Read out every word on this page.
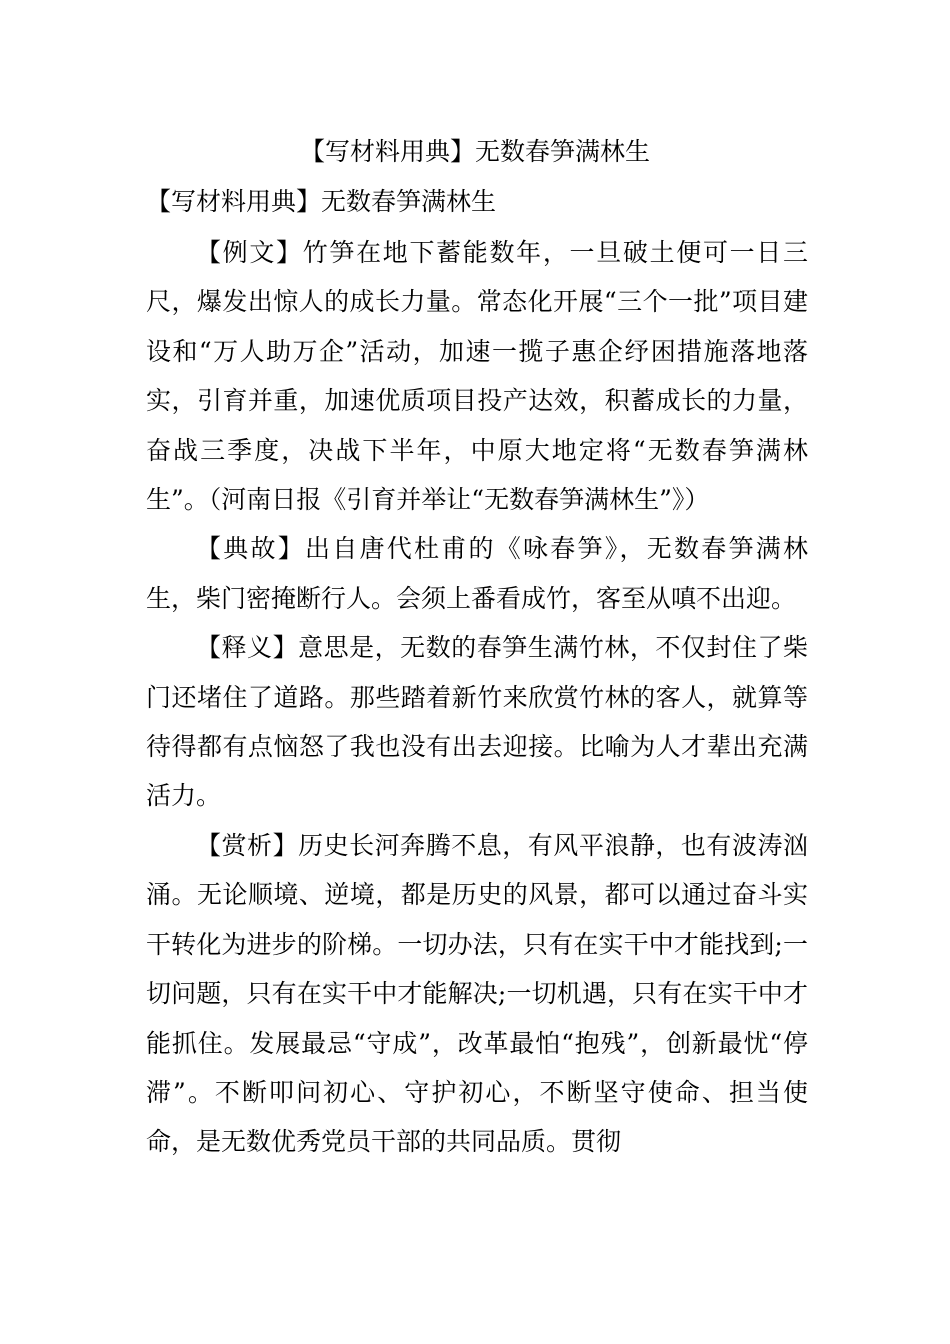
【写材料用典】无数春笋满林生

【写材料用典】无数春笋满林生

【例文】竹笋在地下蓄能数年，一旦破土便可一日三尺，爆发出惊人的成长力量。常态化开展“三个一批”项目建设和“万人助万企”活动，加速一揽子惠企纾困措施落地落实，引育并重，加速优质项目投产达效，积蓄成长的力量，奋战三季度，决战下半年，中原大地定将“无数春笋满林生”。（河南日报《引育并举让“无数春笋满林生”》）

【典故】出自唐代杜甫的《咏春笋》，无数春笋满林生，柴门密掩断行人。会须上番看成竹，客至从嗔不出迎。

【释义】意思是，无数的春笋生满竹林，不仅封住了柴门还堵住了道路。那些踏着新竹来欣赏竹林的客人，就算等待得都有点恼怒了我也没有出去迎接。比喻为人才辈出充满活力。

【赏析】历史长河奔腾不息，有风平浪静，也有波涛汹涌。无论顺境、逆境，都是历史的风景，都可以通过奋斗实干转化为进步的阶梯。一切办法，只有在实干中才能找到;一切问题，只有在实干中才能解决;一切机遇，只有在实干中才能抓住。发展最忌“守成”，改革最怕“抱残”，创新最忧“停滞”。不断叩问初心、守护初心，不断坚守使命、担当使命，是无数优秀党员干部的共同品质。贯彻
